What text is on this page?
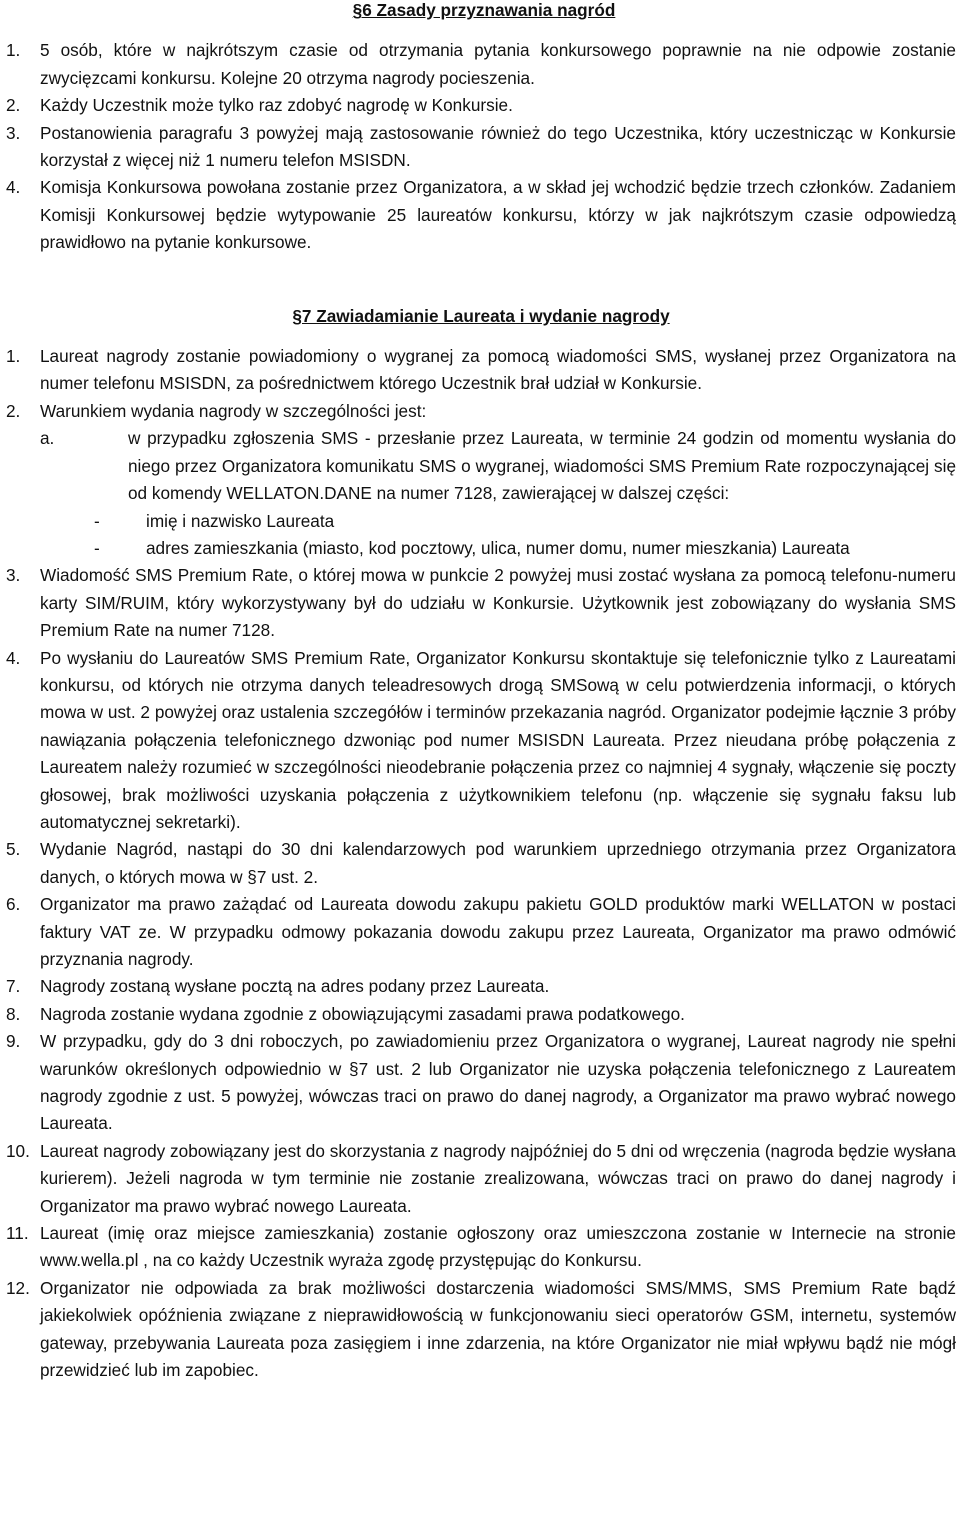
§6 Zasady przyznawania nagród
1.	5 osób, które w najkrótszym czasie od otrzymania pytania konkursowego poprawnie na nie odpowie zostanie zwycięzcami konkursu. Kolejne 20 otrzyma nagrody pocieszenia.
2.	Każdy Uczestnik może tylko raz zdobyć nagrodę w Konkursie.
3.	Postanowienia paragrafu 3 powyżej mają zastosowanie również do tego Uczestnika, który uczestnicząc w Konkursie korzystał z więcej niż 1 numeru telefon MSISDN.
4.	Komisja Konkursowa powołana zostanie przez Organizatora, a w skład jej wchodzić będzie trzech członków. Zadaniem Komisji Konkursowej będzie wytypowanie 25 laureatów konkursu, którzy w jak najkrótszym czasie odpowiedzą prawidłowo na pytanie konkursowe.
§7 Zawiadamianie Laureata i wydanie nagrody
1.	Laureat nagrody zostanie powiadomiony o wygranej za pomocą wiadomości SMS, wysłanej przez Organizatora na numer telefonu MSISDN, za pośrednictwem którego Uczestnik brał udział w Konkursie.
2.	Warunkiem wydania nagrody w szczególności jest:
a.	w przypadku zgłoszenia SMS - przesłanie przez Laureata, w terminie 24 godzin od momentu wysłania do niego przez Organizatora komunikatu SMS o wygranej, wiadomości SMS Premium Rate rozpoczynającej się od komendy WELLATON.DANE na numer 7128, zawierającej w dalszej części:
-	imię i nazwisko Laureata
-	adres zamieszkania (miasto, kod pocztowy, ulica, numer domu, numer mieszkania) Laureata
3.	Wiadomość SMS Premium Rate, o której mowa w punkcie 2 powyżej musi zostać wysłana za pomocą telefonu-numeru karty SIM/RUIM, który wykorzystywany był do udziału w Konkursie. Użytkownik jest zobowiązany do wysłania SMS Premium Rate na numer 7128.
4.	Po wysłaniu do Laureatów SMS Premium Rate, Organizator Konkursu skontaktuje się telefonicznie tylko z Laureatami konkursu, od których nie otrzyma danych teleadresowych drogą SMSową w celu potwierdzenia informacji, o których mowa w ust. 2 powyżej oraz ustalenia szczegółów i terminów przekazania nagród. Organizator podejmie łącznie 3 próby nawiązania połączenia telefonicznego dzwoniąc pod numer MSISDN Laureata. Przez nieudana próbę połączenia z Laureatem należy rozumieć w szczególności nieodebranie połączenia przez co najmniej 4 sygnały, włączenie się poczty głosowej, brak możliwości uzyskania połączenia z użytkownikiem telefonu (np. włączenie się sygnału faksu lub automatycznej sekretarki).
5.	Wydanie Nagród, nastąpi do 30 dni kalendarzowych pod warunkiem uprzedniego otrzymania przez Organizatora danych, o których mowa w §7 ust. 2.
6.	Organizator ma prawo zażądać od Laureata dowodu zakupu pakietu GOLD produktów marki WELLATON w postaci faktury VAT ze. W przypadku odmowy pokazania dowodu zakupu przez Laureata, Organizator ma prawo odmówić przyznania nagrody.
7.	Nagrody zostaną wysłane pocztą na adres podany przez Laureata.
8.	Nagroda zostanie wydana zgodnie z obowiązującymi zasadami prawa podatkowego.
9.	W przypadku, gdy do 3 dni roboczych, po zawiadomieniu przez Organizatora o wygranej, Laureat nagrody nie spełni warunków określonych odpowiednio w §7 ust. 2 lub Organizator nie uzyska połączenia telefonicznego z Laureatem nagrody zgodnie z ust. 5 powyżej, wówczas traci on prawo do danej nagrody, a Organizator ma prawo wybrać nowego Laureata.
10. Laureat nagrody zobowiązany jest do skorzystania z nagrody najpóźniej do 5 dni od wręczenia (nagroda będzie wysłana kurierem). Jeżeli nagroda w tym terminie nie zostanie zrealizowana, wówczas traci on prawo do danej nagrody i Organizator ma prawo wybrać nowego Laureata.
11. Laureat (imię oraz miejsce zamieszkania) zostanie ogłoszony oraz umieszczona zostanie w Internecie na stronie www.wella.pl , na co każdy Uczestnik wyraża zgodę przystępując do Konkursu.
12. Organizator nie odpowiada za brak możliwości dostarczenia wiadomości SMS/MMS, SMS Premium Rate bądź jakiekolwiek opóźnienia związane z nieprawidłowością w funkcjonowaniu sieci operatorów GSM, internetu, systemów gateway, przebywania Laureata poza zasięgiem i inne zdarzenia, na które Organizator nie miał wpływu bądź nie mógł przewidzieć lub im zapobiec.
